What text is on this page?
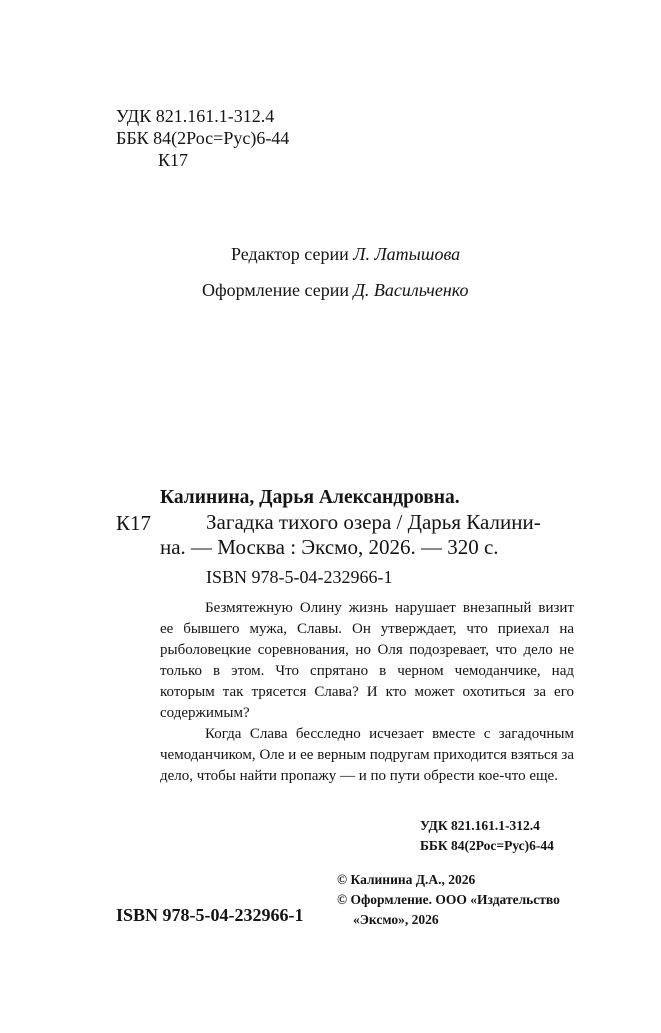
УДК 821.161.1-312.4
ББК 84(2Рос=Рус)6-44
К17
Редактор серии Л. Латышова
Оформление серии Д. Васильченко
Калинина, Дарья Александровна.
К17	Загадка тихого озера / Дарья Калини-
на. — Москва : Эксмо, 2026. — 320 с.
ISBN 978-5-04-232966-1

Безмятежную Олину жизнь нарушает внезапный визит ее бывшего мужа, Славы. Он утверждает, что приехал на рыболовецкие соревнования, но Оля подозревает, что дело не только в этом. Что спрятано в черном чемоданчике, над которым так трясется Слава? И кто может охотиться за его содержимым?

Когда Слава бесследно исчезает вместе с загадочным чемоданчиком, Оле и ее верным подругам приходится взяться за дело, чтобы найти пропажу — и по пути обрести кое-что еще.

УДК 821.161.1-312.4
ББК 84(2Рос=Рус)6-44
© Калинина Д.А., 2026
© Оформление. ООО «Издательство
«Эксмо», 2026
ISBN 978-5-04-232966-1
